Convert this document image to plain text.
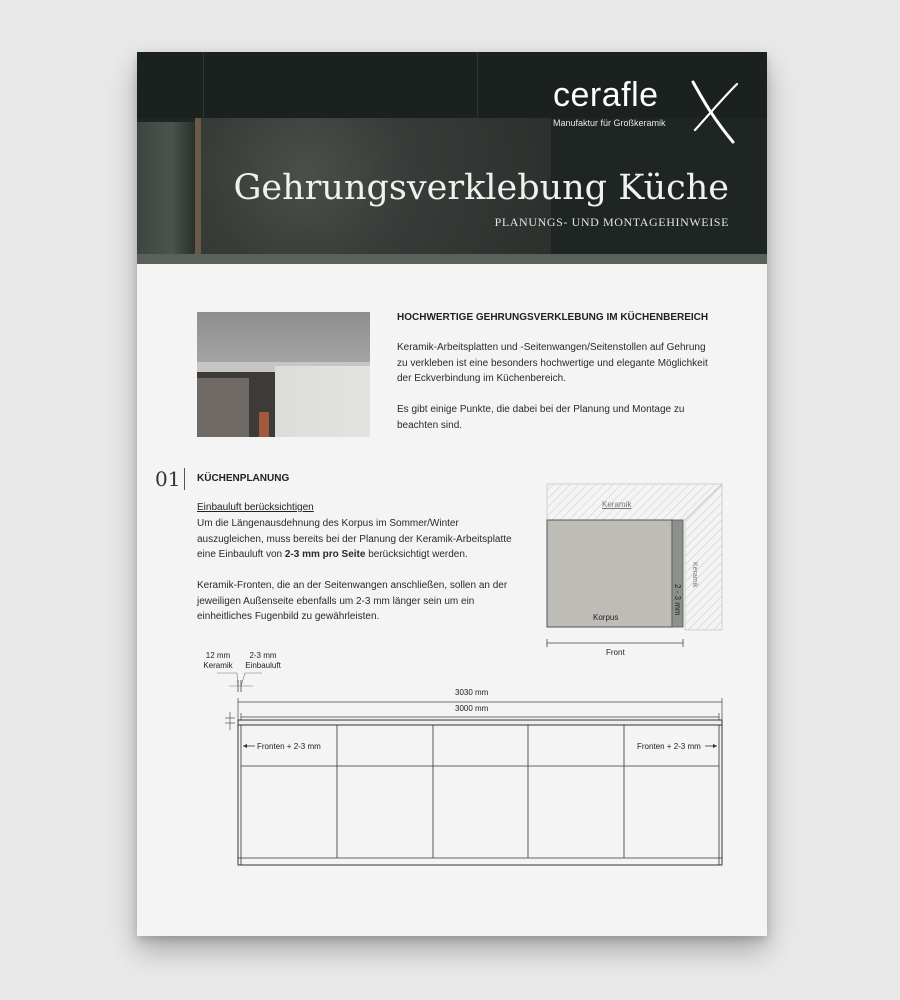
cerafle
Manufaktur für Großkeramik
Gehrungsverklebung Küche
PLANUNGS- UND MONTAGEHINWEISE
HOCHWERTIGE GEHRUNGSVERKLEBUNG IM KÜCHENBEREICH

Keramik-Arbeitsplatten und -Seitenwangen/Seitenstollen auf Gehrung zu verkleben ist eine besonders hochwertige und elegante Möglichkeit der Eckverbindung im Küchenbereich.

Es gibt einige Punkte, die dabei bei der Planung und Montage zu beachten sind.

01 KÜCHENPLANUNG
Einbauluft berücksichtigen

Um die Längenausdehnung des Korpus im Sommer/Winter auszugleichen, muss bereits bei der Planung der Keramik-Arbeitsplatte eine Einbauluft von 2-3 mm pro Seite berücksichtigt werden.

Keramik-Fronten, die an der Seitenwangen anschließen, sollen an der jeweiligen Außenseite ebenfalls um 2-3 mm länger sein um ein einheitliches Fugenbild zu gewährleisten.

Keramik
Keramik
Korpus
2 - 3 mm
Front
12 mm
Keramik
2-3 mm
Einbauluft
3030 mm
3000 mm
Fronten + 2-3 mm	Fronten + 2-3 mm
